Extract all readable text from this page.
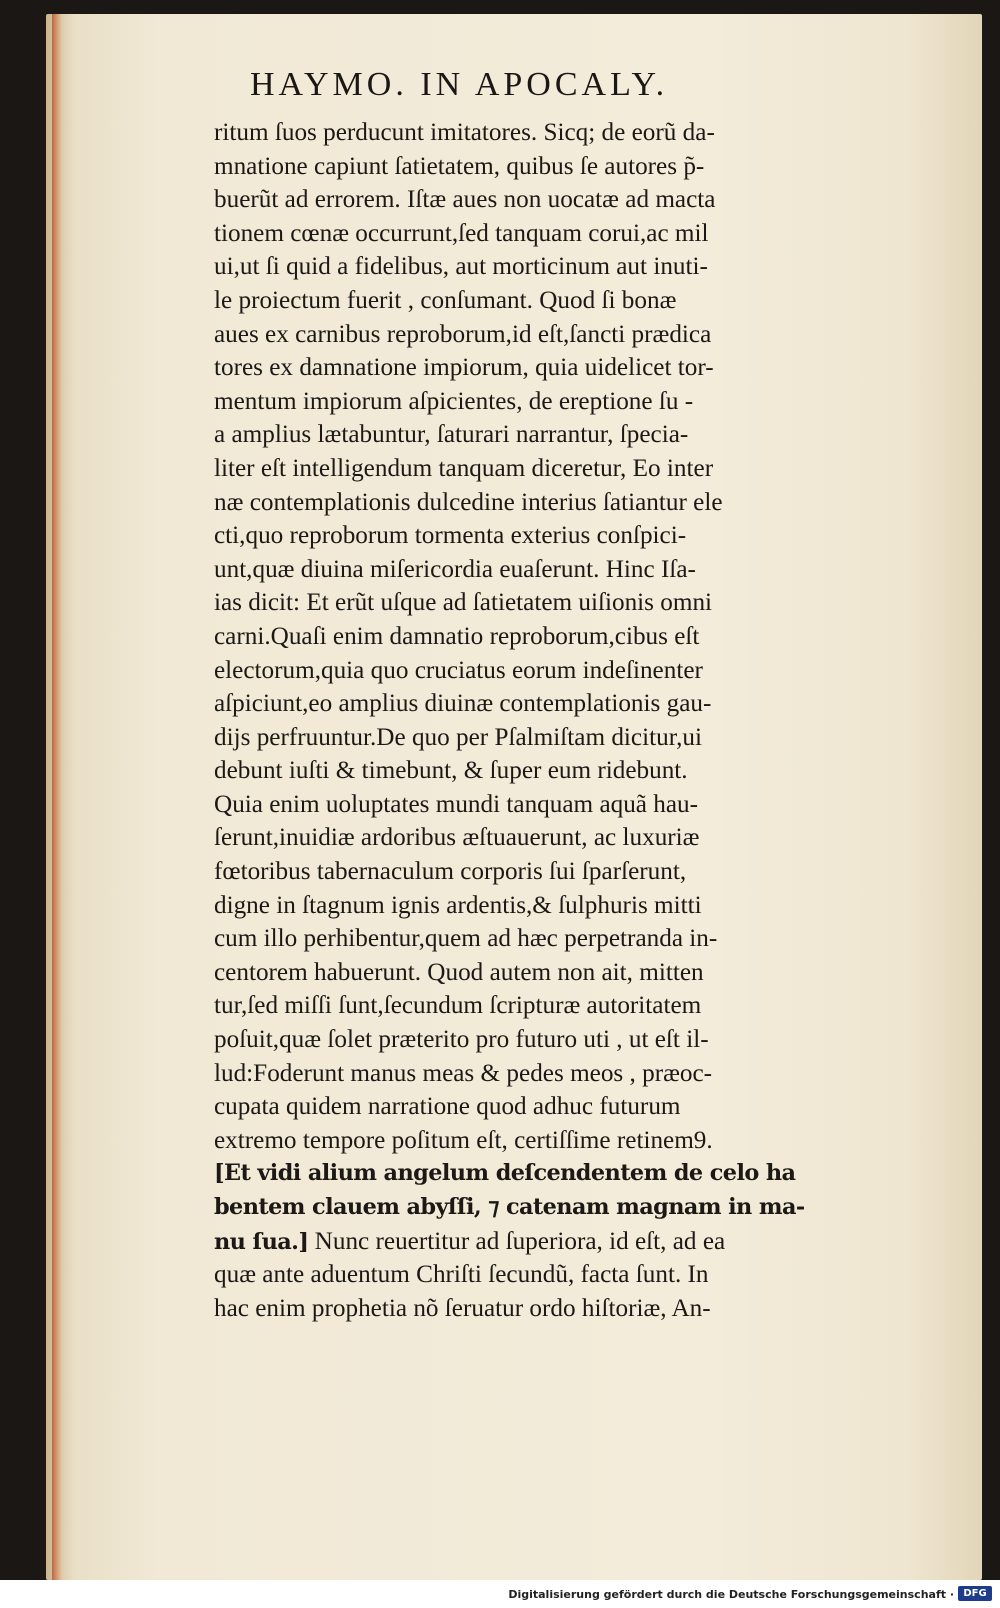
HAYMO. IN APOCALY.
ritum ſuos perducunt imitatores. Sicq; de eorũ da-
mnatione capiunt ſatietatem, quibus ſe autores p̃-
buerũt ad errorem. Iſtæ aues non uocatæ ad macta
tionem cœnæ occurrunt,ſed tanquam corui,ac mil
ui,ut ſi quid a fidelibus, aut morticinum aut inuti-
le proiectum fuerit , conſumant. Quod ſi bonæ
aues ex carnibus reproborum,id eſt,ſancti prædica
tores ex damnatione impiorum, quia uidelicet tor-
mentum impiorum aſpicientes, de ereptione ſu -
a amplius lætabuntur, ſaturari narrantur, ſpecia-
liter eſt intelligendum tanquam diceretur, Eo inter
næ contemplationis dulcedine interius ſatiantur ele
cti,quo reproborum tormenta exterius conſpici-
unt,quæ diuina miſericordia euaſerunt. Hinc Iſa-
ias dicit: Et erũt uſque ad ſatietatem uiſionis omni
carni.Quaſi enim damnatio reproborum,cibus eſt
electorum,quia quo cruciatus eorum indeſinenter
aſpiciunt,eo amplius diuinæ contemplationis gau-
dijs perfruuntur.De quo per Pſalmiſtam dicitur,ui
debunt iuſti & timebunt, & ſuper eum ridebunt.
Quia enim uoluptates mundi tanquam aquã hau-
ſerunt,inuidiæ ardoribus æſtuauerunt, ac luxuriæ
fœtoribus tabernaculum corporis ſui ſparſerunt,
digne in ſtagnum ignis ardentis,& ſulphuris mitti
cum illo perhibentur,quem ad hæc perpetranda in-
centorem habuerunt. Quod autem non ait, mitten
tur,ſed miſſi ſunt,ſecundum ſcripturæ autoritatem
poſuit,quæ ſolet præterito pro futuro uti , ut eſt il-
lud:Foderunt manus meas & pedes meos , præoc-
cupata quidem narratione quod adhuc futurum
extremo tempore poſitum eſt, certiſſime retinem9.
[Et vidi alium angelum deſcendentem de celo ha
bentem clauem abyſſi, ⁊ catenam magnam in ma-
nu ſua.] Nunc reuertitur ad ſuperiora, id eſt, ad ea
quæ ante aduentum Chriſti ſecundũ, facta ſunt. In
hac enim prophetia nõ ſeruatur ordo hiſtoriæ, An-
Digitalisierung gefördert durch die Deutsche Forschungsgemeinschaft · DFG
